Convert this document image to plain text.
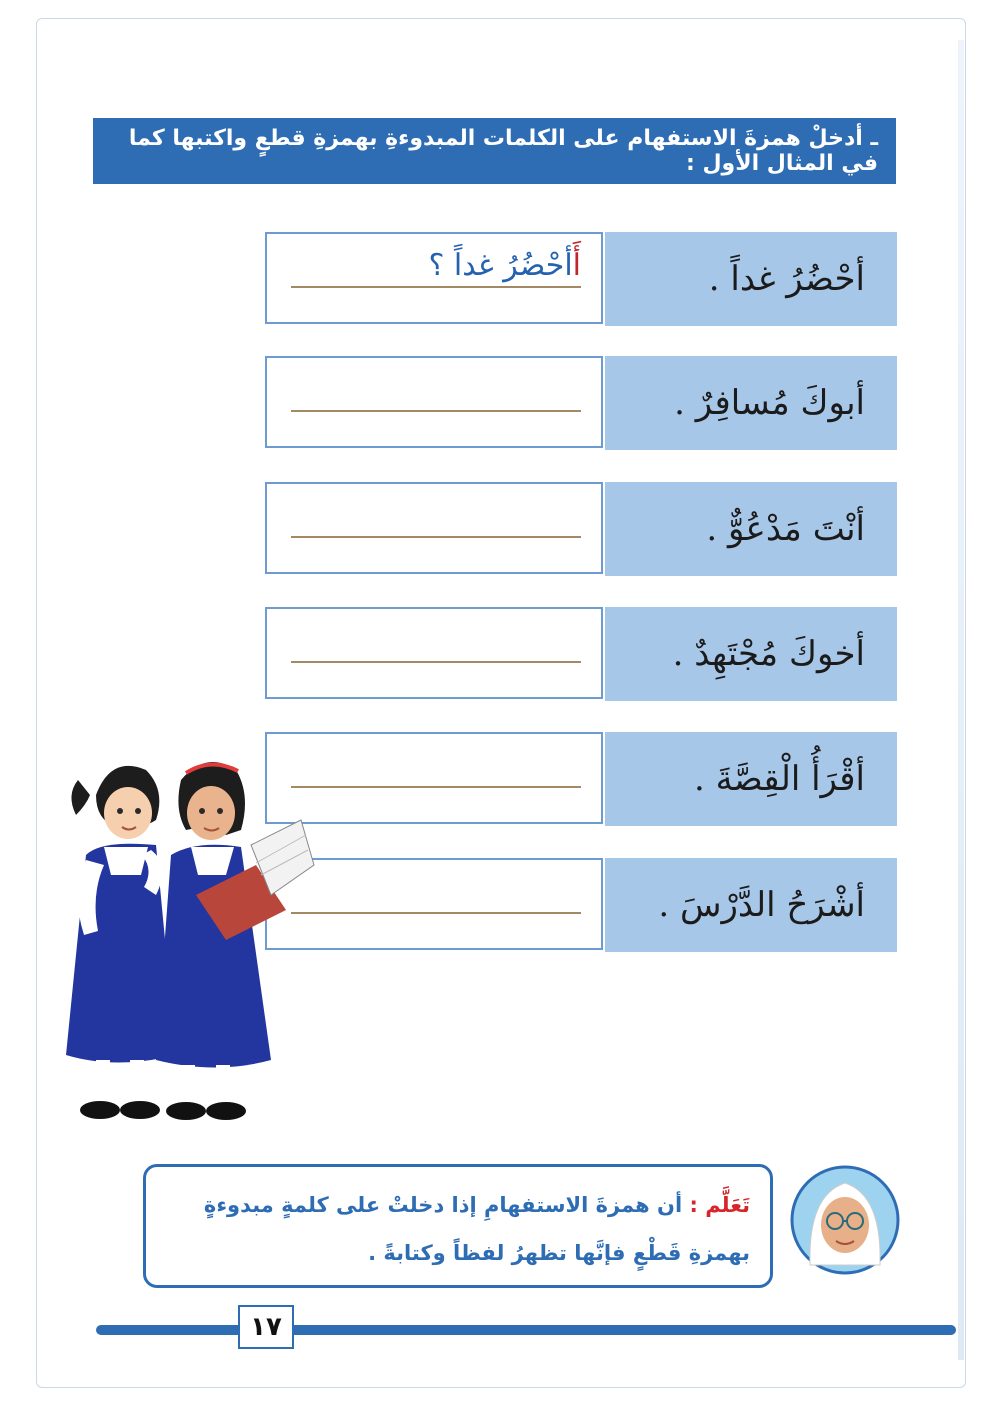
ـ أدخلْ همزةَ الاستفهام على الكلمات المبدوءةِ بهمزةِ قطعٍ واكتبها كما في المثال الأول :
أحْضُرُ غداً .
أَأحْضُرُ غداً ؟
أبوكَ مُسافِرٌ .
أنْتَ مَدْعُوٌّ .
أخوكَ مُجْتَهِدٌ .
أقْرَأُ الْقِصَّةَ .
أشْرَحُ الدَّرْسَ .
تَعَلَّم : أن همزةَ الاستفهامِ إذا دخلتْ على كلمةٍ مبدوءةٍ
بهمزةِ قَطْعٍ فإنَّها تظهرُ لفظاً وكتابةً .
١٧
